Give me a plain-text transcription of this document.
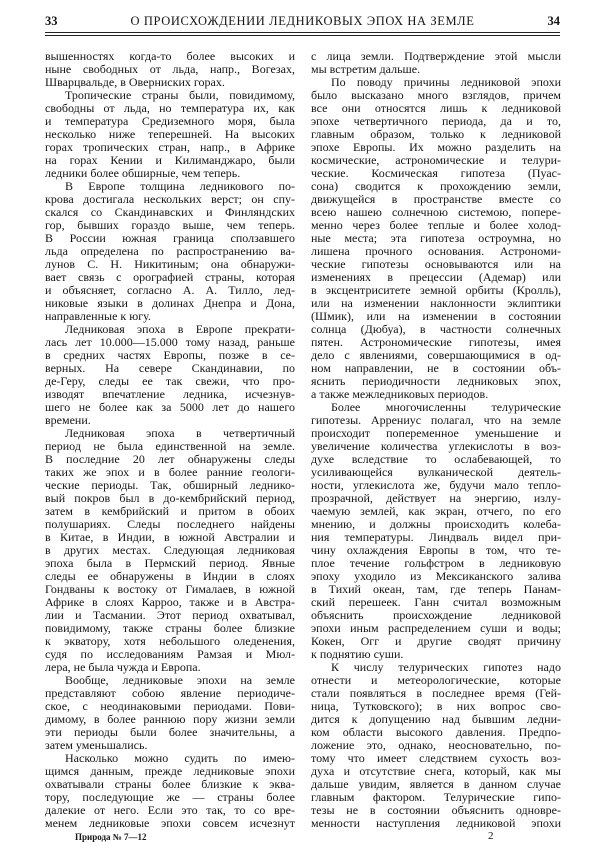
33	О ПРОИСХОЖДЕНИИ ЛЕДНИКОВЫХ ЭПОХ НА ЗЕМЛЕ	34
вышенностях когда-то более высоких и
ныне свободных от льда, напр., Вогезах,
Шварцвальде, в Оверниских горах.
Тропические страны были, повидимому,
свободны от льда, но температура их, как
и температура Средиземного моря, была
несколько ниже теперешней. На высоких
горах тропических стран, напр., в Африке
на горах Кении и Килиманджаро, были
ледники более обширные, чем теперь.
В Европе толщина ледникового по-
крова достигала нескольких верст; он спу-
скался со Скандинавских и Финляндских
гор, бывших гораздо выше, чем теперь.
В России южная граница сползавшего
льда определена по распространению ва-
лунов С. Н. Никитиным; она обнаружи-
вает связь с орографией страны, которая
и объясняет, согласно А. А. Тилло, лед-
никовые языки в долинах Днепра и Дона,
направленные к югу.
Ледниковая эпоха в Европе прекрати-
лась лет 10.000—15.000 тому назад, раньше
в средних частях Европы, позже в се-
верных. На севере Скандинавии, по
де-Геру, следы ее так свежи, что про-
изводят впечатление ледника, исчезнув-
шего не более как за 5000 лет до нашего
времени.
Ледниковая эпоха в четвертичный
период не была единственной на земле.
В последние 20 лет обнаружены следы
таких же эпох и в более ранние геологи-
ческие периоды. Так, обширный леднико-
вый покров был в до-кембрийский период,
затем в кембрийский и притом в обоих
полушариях. Следы последнего найдены
в Китае, в Индии, в южной Австралии и
в других местах. Следующая ледниковая
эпоха была в Пермский период. Явные
следы ее обнаружены в Индии в слоях
Гондваны к востоку от Гималаев, в южной
Африке в слоях Карроо, также и в Австра-
лии и Тасмании. Этот период охватывал,
повидимому, также страны более близкие
к экватору, хотя небольшого оледенения,
судя по исследованиям Рамзая и Мюл-
лера, не была чужда и Европа.
Вообще, ледниковые эпохи на земле
представляют собою явление периодиче-
ское, с неодинаковыми периодами. Пови-
димому, в более раннюю пору жизни земли
эти периоды были более значительны, а
затем уменьшались.
Насколько можно судить по имею-
щимся данным, прежде ледниковые эпохи
охватывали страны более близкие к эква-
тору, последующие же — страны более
далекие от него. Если это так, то со вре-
менем ледниковые эпохи совсем исчезнут
с лица земли. Подтверждение этой мысли
мы встретим дальше.
По поводу причины ледниковой эпохи
было высказано много взглядов, причем
все они относятся лишь к ледниковой
эпохе четвертичного периода, да и то,
главным образом, только к ледниковой
эпохе Европы. Их можно разделить на
космические, астрономические и телури-
ческие. Космическая гипотеза (Пуас-
сона) сводится к прохождению земли,
движущейся в пространстве вместе со
всею нашею солнечною системою, попере-
менно через более теплые и более холод-
ные места; эта гипотеза остроумна, но
лишена прочного основания. Астрономи-
ческие гипотезы основываются или на
изменениях в прецессии (Адемар) или
в эксцентриситете земной орбиты (Кролль),
или на изменении наклонности эклиптики
(Шмик), или на изменении в состоянии
солнца (Дюбуа), в частности солнечных
пятен. Астрономические гипотезы, имея
дело с явлениями, совершающимися в од-
ном направлении, не в состоянии объ-
яснить периодичности ледниковых эпох,
а также межледниковых периодов.
Более многочисленны телурические
гипотезы. Аррениус полагал, что на земле
происходит попеременное уменьшение и
увеличение количества углекислоты в воз-
духе вследствие то ослабевающей, то
усиливающейся вулканической деятель-
ности, углекислота же, будучи мало тепло-
прозрачной, действует на энергию, излу-
чаемую землей, как экран, отчего, по его
мнению, и должны происходить колеба-
ния температуры. Линдваль видел при-
чину охлаждения Европы в том, что те-
плое течение гольфстром в ледниковую
эпоху уходило из Мексиканского залива
в Тихий океан, там, где теперь Панам-
ский перешеек. Ганн считал возможным
объяснить происхождение ледниковой
эпохи иным распределением суши и воды;
Кокен, Огг и другие сводят причину
к поднятию суши.
К числу телурических гипотез надо
отнести и метеорологические, которые
стали появляться в последнее время (Гей-
ница, Тутковского); в них вопрос сво-
дится к допущению над бывшим ледни-
ком области высокого давления. Предпо-
ложение это, однако, неосновательно, по-
тому что имеет следствием сухость воз-
духа и отсутствие снега, который, как мы
дальше увидим, является в данном случае
главным фактором. Телурические гипо-
тезы не в состоянии объяснить одновре-
менности наступления ледниковой эпохи
Природа № 7—12	2
